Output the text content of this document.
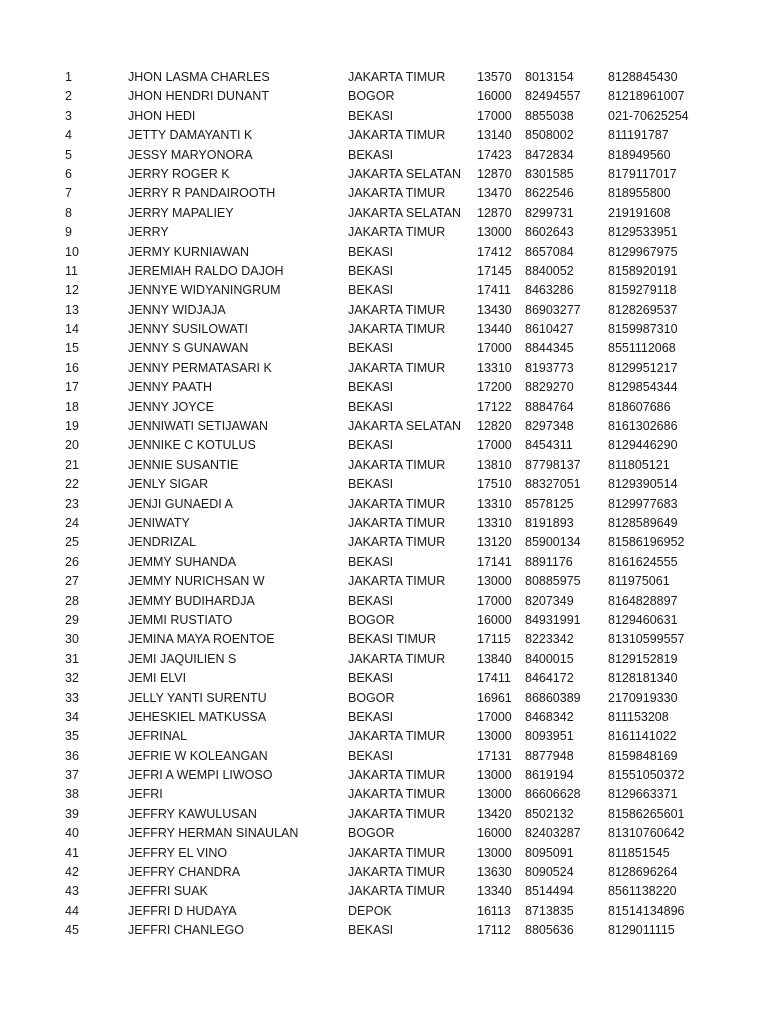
1	JHON LASMA CHARLES	JAKARTA TIMUR	13570 8013154	8128845430
2	JHON HENDRI DUNANT	BOGOR	16000 82494557 81218961007
3	JHON HEDI	BEKASI	17000 8855038	021-70625254
4	JETTY DAMAYANTI K	JAKARTA TIMUR	13140 8508002	811191787
5	JESSY MARYONORA	BEKASI	17423 8472834	818949560
6	JERRY ROGER K	JAKARTA SELATAN 12870 8301585	8179117017
7	JERRY R PANDAIROOTH	JAKARTA TIMUR	13470 8622546	818955800
8	JERRY MAPALIEY	JAKARTA SELATAN 12870 8299731	219191608
9	JERRY	JAKARTA TIMUR	13000 8602643	8129533951
10	JERMY KURNIAWAN	BEKASI	17412 8657084	8129967975
11	JEREMIAH RALDO DAJOH	BEKASI	17145 8840052	8158920191
12	JENNYE WIDYANINGRUM	BEKASI	17411 8463286	8159279118
13	JENNY WIDJAJA	JAKARTA TIMUR	13430 86903277 8128269537
14	JENNY SUSILOWATI	JAKARTA TIMUR	13440 8610427	8159987310
15	JENNY S GUNAWAN	BEKASI	17000 8844345	8551112068
16	JENNY PERMATASARI K	JAKARTA TIMUR	13310 8193773	8129951217
17	JENNY PAATH	BEKASI	17200 8829270	8129854344
18	JENNY JOYCE	BEKASI	17122 8884764	818607686
19	JENNIWATI SETIJAWAN	JAKARTA SELATAN 12820 8297348	8161302686
20	JENNIKE C KOTULUS	BEKASI	17000 8454311	8129446290
21	JENNIE SUSANTIE	JAKARTA TIMUR	13810 87798137 811805121
22	JENLY SIGAR	BEKASI	17510 88327051 8129390514
23	JENJI GUNAEDI A	JAKARTA TIMUR	13310 8578125	8129977683
24	JENIWATY	JAKARTA TIMUR	13310 8191893	8128589649
25	JENDRIZAL	JAKARTA TIMUR	13120 85900134 81586196952
26	JEMMY SUHANDA	BEKASI	17141 8891176	8161624555
27	JEMMY NURICHSAN W	JAKARTA TIMUR	13000 80885975 811975061
28	JEMMY BUDIHARDJA	BEKASI	17000 8207349	8164828897
29	JEMMI RUSTIATO	BOGOR	16000 84931991 8129460631
30	JEMINA MAYA ROENTOE	BEKASI TIMUR	17115 8223342	81310599557
31	JEMI JAQUILIEN S	JAKARTA TIMUR	13840 8400015	8129152819
32	JEMI ELVI	BEKASI	17411 8464172	8128181340
33	JELLY YANTI SURENTU	BOGOR	16961 86860389 2170919330
34	JEHESKIEL MATKUSSA	BEKASI	17000 8468342	811153208
35	JEFRINAL	JAKARTA TIMUR	13000 8093951	8161141022
36	JEFRIE W KOLEANGAN	BEKASI	17131 8877948	8159848169
37	JEFRI A WEMPI LIWOSO	JAKARTA TIMUR	13000 8619194	81551050372
38	JEFRI	JAKARTA TIMUR	13000 86606628 8129663371
39	JEFFRY KAWULUSAN	JAKARTA TIMUR	13420 8502132	81586265601
40	JEFFRY HERMAN SINAULAN	BOGOR	16000 82403287 81310760642
41	JEFFRY EL VINO	JAKARTA TIMUR	13000 8095091	811851545
42	JEFFRY CHANDRA	JAKARTA TIMUR	13630 8090524	8128696264
43	JEFFRI SUAK	JAKARTA TIMUR	13340 8514494	8561138220
44	JEFFRI D HUDAYA	DEPOK	16113 8713835	81514134896
45	JEFFRI CHANLEGO	BEKASI	17112 8805636	8129011115
